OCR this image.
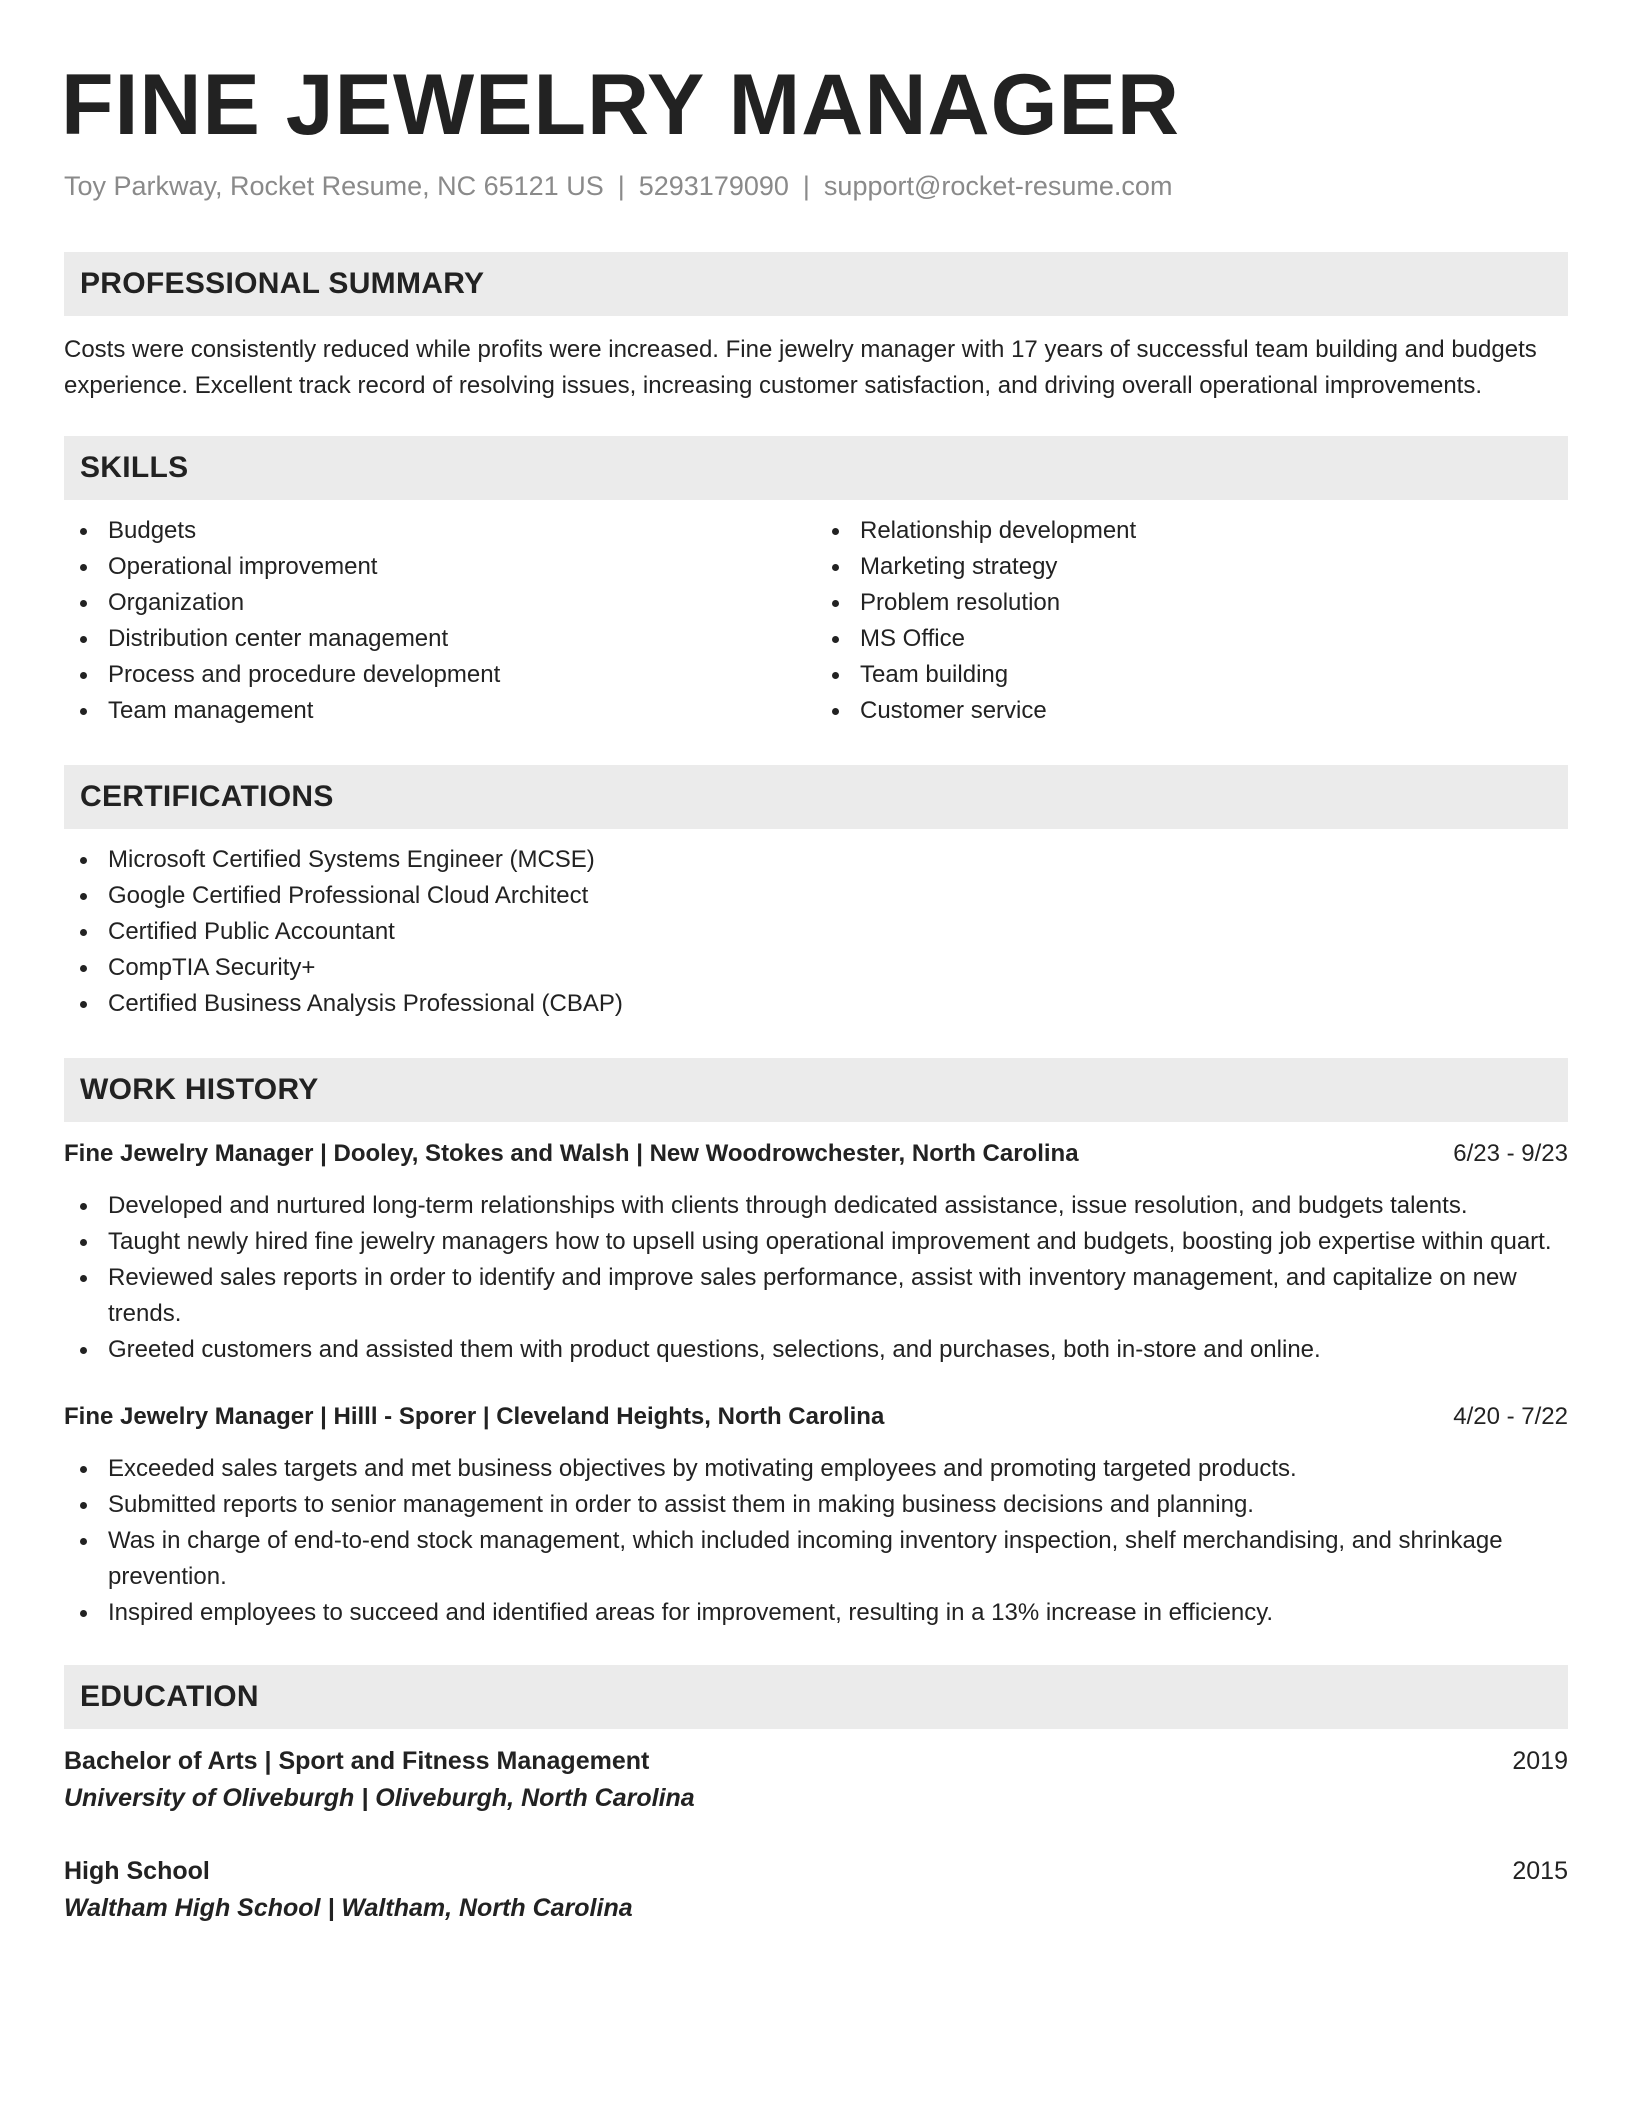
FINE JEWELRY MANAGER
Toy Parkway, Rocket Resume, NC 65121 US | 5293179090 | support@rocket-resume.com
PROFESSIONAL SUMMARY

Costs were consistently reduced while profits were increased. Fine jewelry manager with 17 years of successful team building and budgets experience. Excellent track record of resolving issues, increasing customer satisfaction, and driving overall operational improvements.

SKILLS
Budgets
Operational improvement
Organization
Distribution center management
Process and procedure development
Team management
Relationship development
Marketing strategy
Problem resolution
MS Office
Team building
Customer service
CERTIFICATIONS
Microsoft Certified Systems Engineer (MCSE)
Google Certified Professional Cloud Architect
Certified Public Accountant
CompTIA Security+
Certified Business Analysis Professional (CBAP)
WORK HISTORY
Fine Jewelry Manager | Dooley, Stokes and Walsh | New Woodrowchester, North Carolina	6/23 - 9/23
Developed and nurtured long-term relationships with clients through dedicated assistance, issue resolution, and budgets talents.
Taught newly hired fine jewelry managers how to upsell using operational improvement and budgets, boosting job expertise within quart.
Reviewed sales reports in order to identify and improve sales performance, assist with inventory management, and capitalize on new trends.
Greeted customers and assisted them with product questions, selections, and purchases, both in-store and online.
Fine Jewelry Manager | Hilll - Sporer | Cleveland Heights, North Carolina	4/20 - 7/22
Exceeded sales targets and met business objectives by motivating employees and promoting targeted products.
Submitted reports to senior management in order to assist them in making business decisions and planning.
Was in charge of end-to-end stock management, which included incoming inventory inspection, shelf merchandising, and shrinkage prevention.
Inspired employees to succeed and identified areas for improvement, resulting in a 13% increase in efficiency.
EDUCATION
Bachelor of Arts | Sport and Fitness Management	2019
University of Oliveburgh | Oliveburgh, North Carolina
High School	2015
Waltham High School | Waltham, North Carolina
